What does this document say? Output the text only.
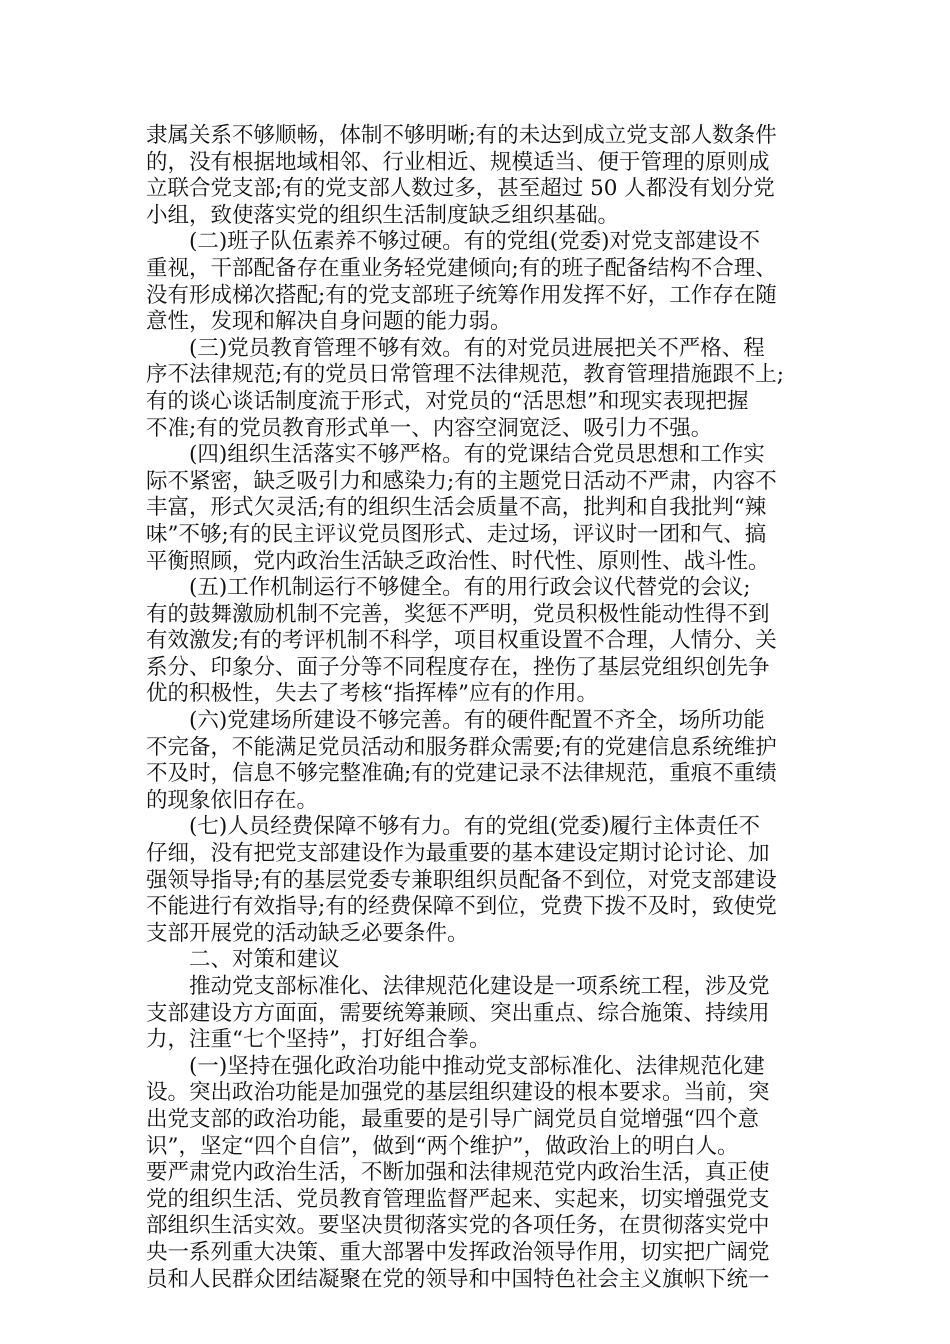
隶属关系不够顺畅，体制不够明晰;有的未达到成立党支部人数条件
的，没有根据地域相邻、行业相近、规模适当、便于管理的原则成
立联合党支部;有的党支部人数过多，甚至超过 50 人都没有划分党
小组，致使落实党的组织生活制度缺乏组织基础。
　　(二)班子队伍素养不够过硬。有的党组(党委)对党支部建设不
重视，干部配备存在重业务轻党建倾向;有的班子配备结构不合理、
没有形成梯次搭配;有的党支部班子统筹作用发挥不好，工作存在随
意性，发现和解决自身问题的能力弱。
　　(三)党员教育管理不够有效。有的对党员进展把关不严格、程
序不法律规范;有的党员日常管理不法律规范，教育管理措施跟不上;
有的谈心谈话制度流于形式，对党员的“活思想”和现实表现把握
不准;有的党员教育形式单一、内容空洞宽泛、吸引力不强。
　　(四)组织生活落实不够严格。有的党课结合党员思想和工作实
际不紧密，缺乏吸引力和感染力;有的主题党日活动不严肃，内容不
丰富，形式欠灵活;有的组织生活会质量不高，批判和自我批判“辣
味”不够;有的民主评议党员图形式、走过场，评议时一团和气、搞
平衡照顾，党内政治生活缺乏政治性、时代性、原则性、战斗性。
　　(五)工作机制运行不够健全。有的用行政会议代替党的会议;
有的鼓舞激励机制不完善，奖惩不严明，党员积极性能动性得不到
有效激发;有的考评机制不科学，项目权重设置不合理，人情分、关
系分、印象分、面子分等不同程度存在，挫伤了基层党组织创先争
优的积极性，失去了考核“指挥棒”应有的作用。
　　(六)党建场所建设不够完善。有的硬件配置不齐全，场所功能
不完备，不能满足党员活动和服务群众需要;有的党建信息系统维护
不及时，信息不够完整准确;有的党建记录不法律规范，重痕不重绩
的现象依旧存在。
　　(七)人员经费保障不够有力。有的党组(党委)履行主体责任不
仔细，没有把党支部建设作为最重要的基本建设定期讨论讨论、加
强领导指导;有的基层党委专兼职组织员配备不到位，对党支部建设
不能进行有效指导;有的经费保障不到位，党费下拨不及时，致使党
支部开展党的活动缺乏必要条件。
　　二、对策和建议
　　推动党支部标准化、法律规范化建设是一项系统工程，涉及党
支部建设方方面面，需要统筹兼顾、突出重点、综合施策、持续用
力，注重“七个坚持”，打好组合拳。
　　(一)坚持在强化政治功能中推动党支部标准化、法律规范化建
设。突出政治功能是加强党的基层组织建设的根本要求。当前，突
出党支部的政治功能，最重要的是引导广阔党员自觉增强“四个意
识”，坚定“四个自信”，做到“两个维护”，做政治上的明白人。
要严肃党内政治生活，不断加强和法律规范党内政治生活，真正使
党的组织生活、党员教育管理监督严起来、实起来，切实增强党支
部组织生活实效。要坚决贯彻落实党的各项任务，在贯彻落实党中
央一系列重大决策、重大部署中发挥政治领导作用，切实把广阔党
员和人民群众团结凝聚在党的领导和中国特色社会主义旗帜下统一
